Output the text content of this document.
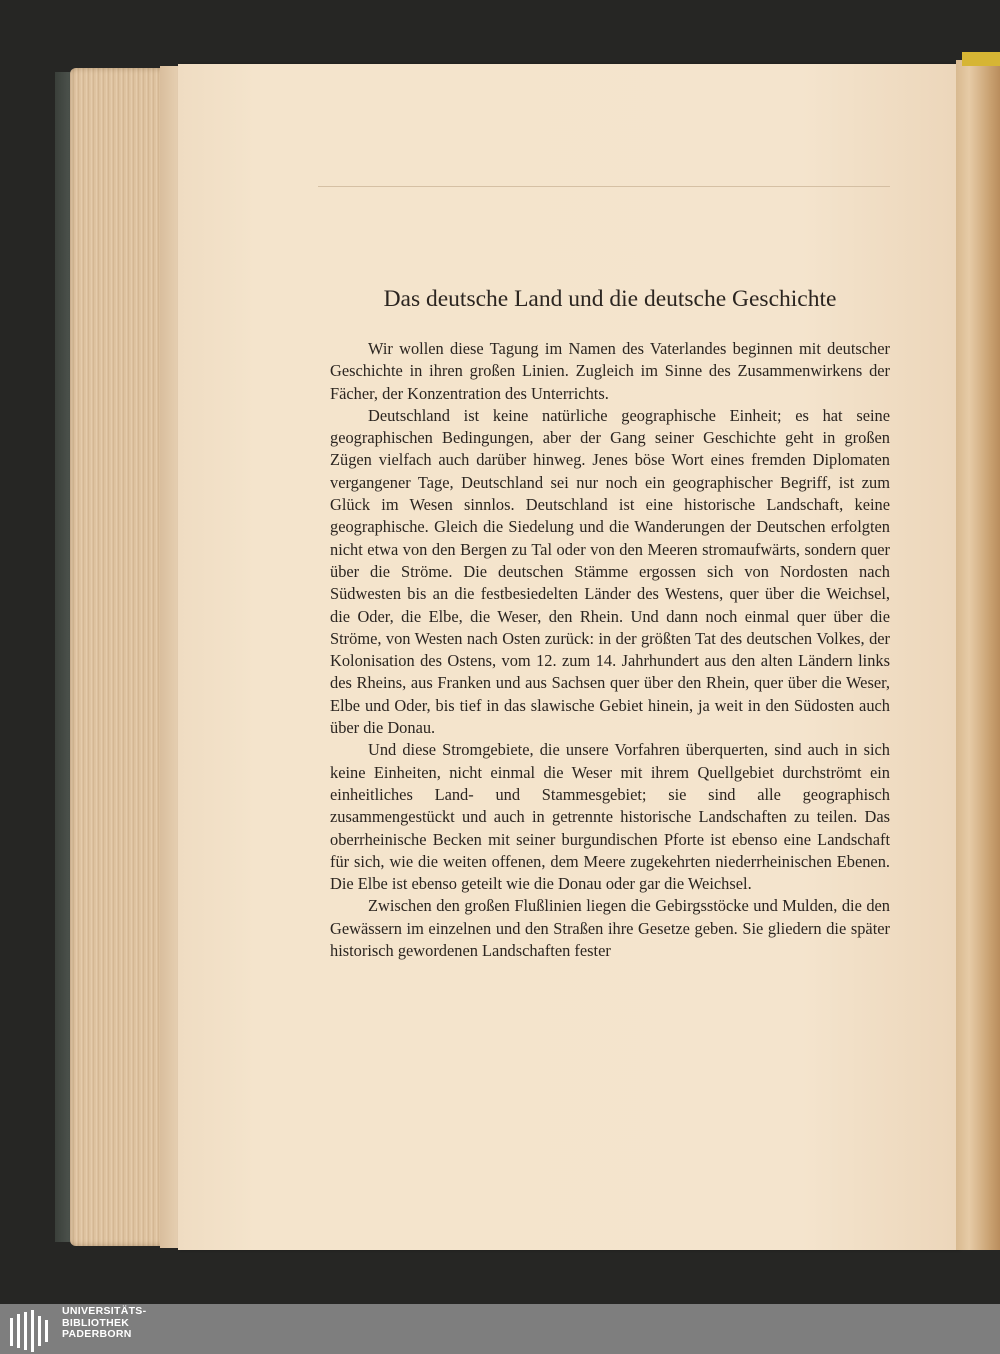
Das deutsche Land und die deutsche Geschichte

Wir wollen diese Tagung im Namen des Vaterlandes beginnen mit deutscher Geschichte in ihren großen Linien. Zugleich im Sinne des Zusammenwirkens der Fächer, der Konzentration des Unterrichts.

Deutschland ist keine natürliche geographische Einheit; es hat seine geographischen Bedingungen, aber der Gang seiner Geschichte geht in großen Zügen vielfach auch darüber hinweg. Jenes böse Wort eines fremden Diplomaten vergangener Tage, Deutschland sei nur noch ein geographischer Begriff, ist zum Glück im Wesen sinnlos. Deutschland ist eine historische Landschaft, keine geographische. Gleich die Siedelung und die Wanderungen der Deutschen erfolgten nicht etwa von den Bergen zu Tal oder von den Meeren stromaufwärts, sondern quer über die Ströme. Die deutschen Stämme ergossen sich von Nordosten nach Südwesten bis an die festbesiedelten Länder des Westens, quer über die Weichsel, die Oder, die Elbe, die Weser, den Rhein. Und dann noch einmal quer über die Ströme, von Westen nach Osten zurück: in der größten Tat des deutschen Volkes, der Kolonisation des Ostens, vom 12. zum 14. Jahrhundert aus den alten Ländern links des Rheins, aus Franken und aus Sachsen quer über den Rhein, quer über die Weser, Elbe und Oder, bis tief in das slawische Gebiet hinein, ja weit in den Südosten auch über die Donau.

Und diese Stromgebiete, die unsere Vorfahren überquerten, sind auch in sich keine Einheiten, nicht einmal die Weser mit ihrem Quellgebiet durchströmt ein einheitliches Land- und Stammesgebiet; sie sind alle geographisch zusammengestückt und auch in getrennte historische Landschaften zu teilen. Das oberrheinische Becken mit seiner burgundischen Pforte ist ebenso eine Landschaft für sich, wie die weiten offenen, dem Meere zugekehrten niederrheinischen Ebenen. Die Elbe ist ebenso geteilt wie die Donau oder gar die Weichsel.

Zwischen den großen Flußlinien liegen die Gebirgsstöcke und Mulden, die den Gewässern im einzelnen und den Straßen ihre Gesetze geben. Sie gliedern die später historisch gewordenen Landschaften fester

UNIVERSITÄTS-
BIBLIOTHEK
PADERBORN
